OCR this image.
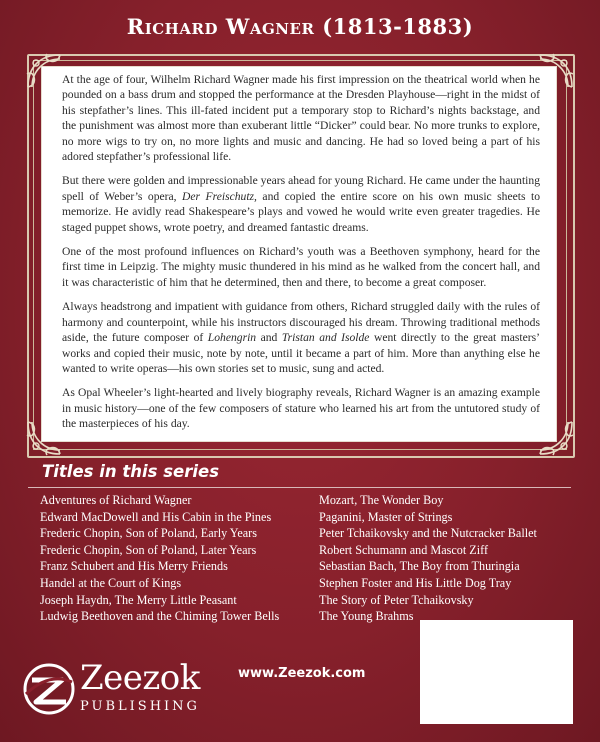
Richard Wagner (1813-1883)

At the age of four, Wilhelm Richard Wagner made his first impression on the theatrical world when he pounded on a bass drum and stopped the performance at the Dresden Playhouse—right in the midst of his stepfather’s lines. This ill-fated incident put a temporary stop to Richard’s nights backstage, and the punishment was almost more than exuberant little “Dicker” could bear. No more trunks to explore, no more wigs to try on, no more lights and music and dancing. He had so loved being a part of his adored stepfather’s professional life.

But there were golden and impressionable years ahead for young Richard. He came under the haunting spell of Weber’s opera, Der Freischutz, and copied the entire score on his own music sheets to memorize. He avidly read Shakespeare’s plays and vowed he would write even greater tragedies. He staged puppet shows, wrote poetry, and dreamed fantastic dreams.

One of the most profound influences on Richard’s youth was a Beethoven symphony, heard for the first time in Leipzig. The mighty music thundered in his mind as he walked from the concert hall, and it was characteristic of him that he determined, then and there, to become a great composer.

Always headstrong and impatient with guidance from others, Richard struggled daily with the rules of harmony and counterpoint, while his instructors discouraged his dream. Throwing traditional methods aside, the future composer of Lohengrin and Tristan and Isolde went directly to the great masters’ works and copied their music, note by note, until it became a part of him. More than anything else he wanted to write operas—his own stories set to music, sung and acted.

As Opal Wheeler’s light-hearted and lively biography reveals, Richard Wagner is an amazing example in music history—one of the few composers of stature who learned his art from the untutored study of the masterpieces of his day.

Titles in this series
Adventures of Richard Wagner
Edward MacDowell and His Cabin in the Pines
Frederic Chopin, Son of Poland, Early Years
Frederic Chopin, Son of Poland, Later Years
Franz Schubert and His Merry Friends
Handel at the Court of Kings
Joseph Haydn, The Merry Little Peasant
Ludwig Beethoven and the Chiming Tower Bells
Mozart, The Wonder Boy
Paganini, Master of Strings
Peter Tchaikovsky and the Nutcracker Ballet
Robert Schumann and Mascot Ziff
Sebastian Bach, The Boy from Thuringia
Stephen Foster and His Little Dog Tray
The Story of Peter Tchaikovsky
The Young Brahms
Zeezok
PUBLISHING
www.Zeezok.com
